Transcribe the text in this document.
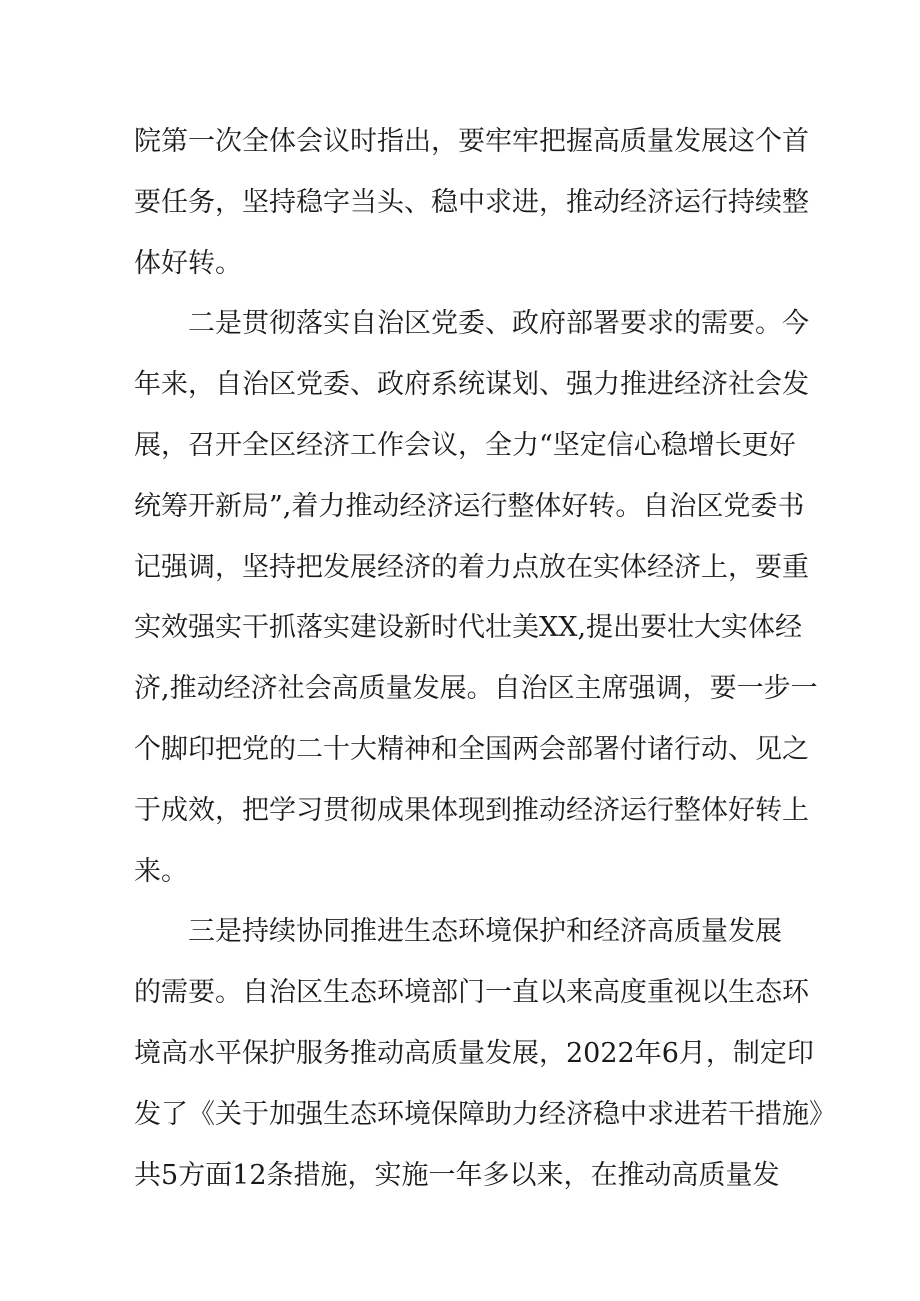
院第一次全体会议时指出，要牢牢把握高质量发展这个首
要任务，坚持稳字当头、稳中求进，推动经济运行持续整
体好转。
二是贯彻落实自治区党委、政府部署要求的需要。今
年来，自治区党委、政府系统谋划、强力推进经济社会发
展，召开全区经济工作会议，全力“坚定信心稳增长更好
统筹开新局”,着力推动经济运行整体好转。自治区党委书
记强调，坚持把发展经济的着力点放在实体经济上，要重
实效强实干抓落实建设新时代壮美XX,提出要壮大实体经
济,推动经济社会高质量发展。自治区主席强调，要一步一
个脚印把党的二十大精神和全国两会部署付诸行动、见之
于成效，把学习贯彻成果体现到推动经济运行整体好转上
来。
三是持续协同推进生态环境保护和经济高质量发展
的需要。自治区生态环境部门一直以来高度重视以生态环
境高水平保护服务推动高质量发展，2022年6月，制定印
发了《关于加强生态环境保障助力经济稳中求进若干措施》
共5方面12条措施，实施一年多以来，在推动高质量发
